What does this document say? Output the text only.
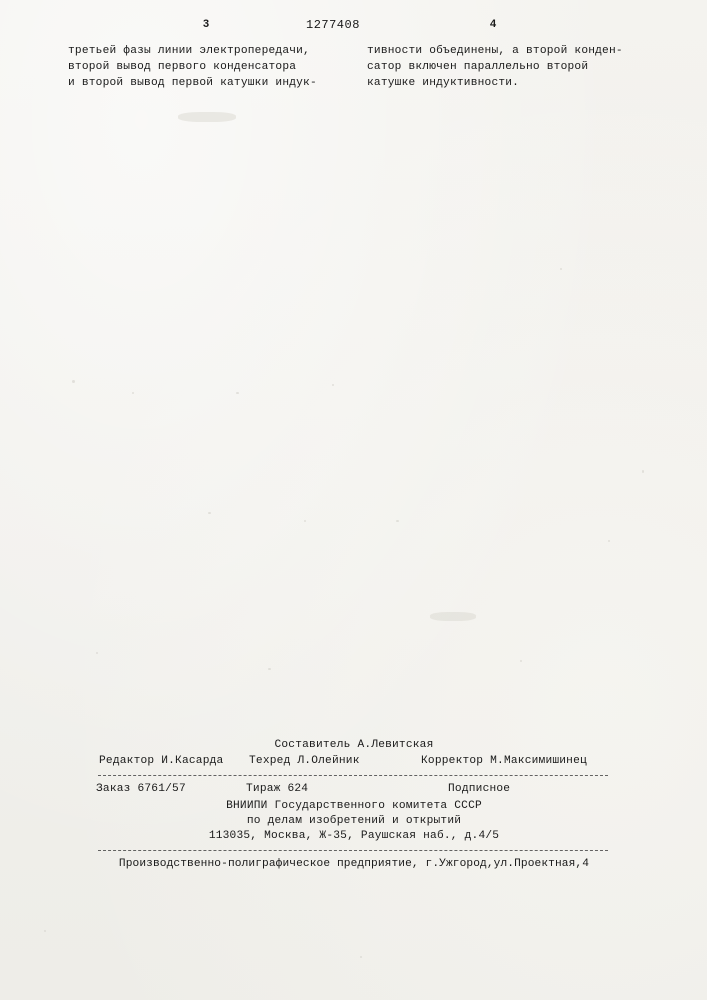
3	1277408	4

третьей фазы линии электропередачи,
второй вывод первого конденсатора
и второй вывод первой катушки индук-

тивности объединены, а второй конден-
сатор включен параллельно второй
катушке индуктивности.

Составитель А.Левитская
Редактор И.Касарда Техред Л.Олейник	Корректор М.Максимишинец
Заказ 6761/57	Тираж 624	Подписное
ВНИИПИ Государственного комитета СССР
по делам изобретений и открытий
113035, Москва, Ж-35, Раушская наб., д.4/5
Производственно-полиграфическое предприятие, г.Ужгород,ул.Проектная,4
